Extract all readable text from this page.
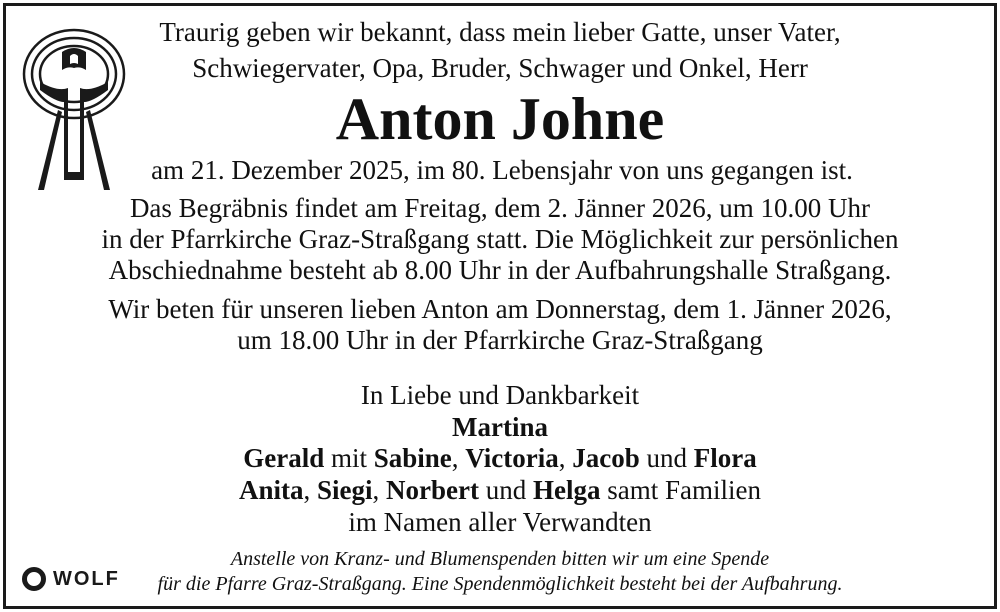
Traurig geben wir bekannt, dass mein lieber Gatte, unser Vater,
Schwiegervater, Opa, Bruder, Schwager und Onkel, Herr
Anton Johne
am 21. Dezember 2025, im 80. Lebensjahr von uns gegangen ist.
Das Begräbnis findet am Freitag, dem 2. Jänner 2026, um 10.00 Uhr
in der Pfarrkirche Graz-Straßgang statt. Die Möglichkeit zur persönlichen
Abschiednahme besteht ab 8.00 Uhr in der Aufbahrungshalle Straßgang.
Wir beten für unseren lieben Anton am Donnerstag, dem 1. Jänner 2026,
um 18.00 Uhr in der Pfarrkirche Graz-Straßgang
In Liebe und Dankbarkeit
Martina
Gerald mit Sabine, Victoria, Jacob und Flora
Anita, Siegi, Norbert und Helga samt Familien
im Namen aller Verwandten
Anstelle von Kranz- und Blumenspenden bitten wir um eine Spende
für die Pfarre Graz-Straßgang. Eine Spendenmöglichkeit besteht bei der Aufbahrung.
WOLF
